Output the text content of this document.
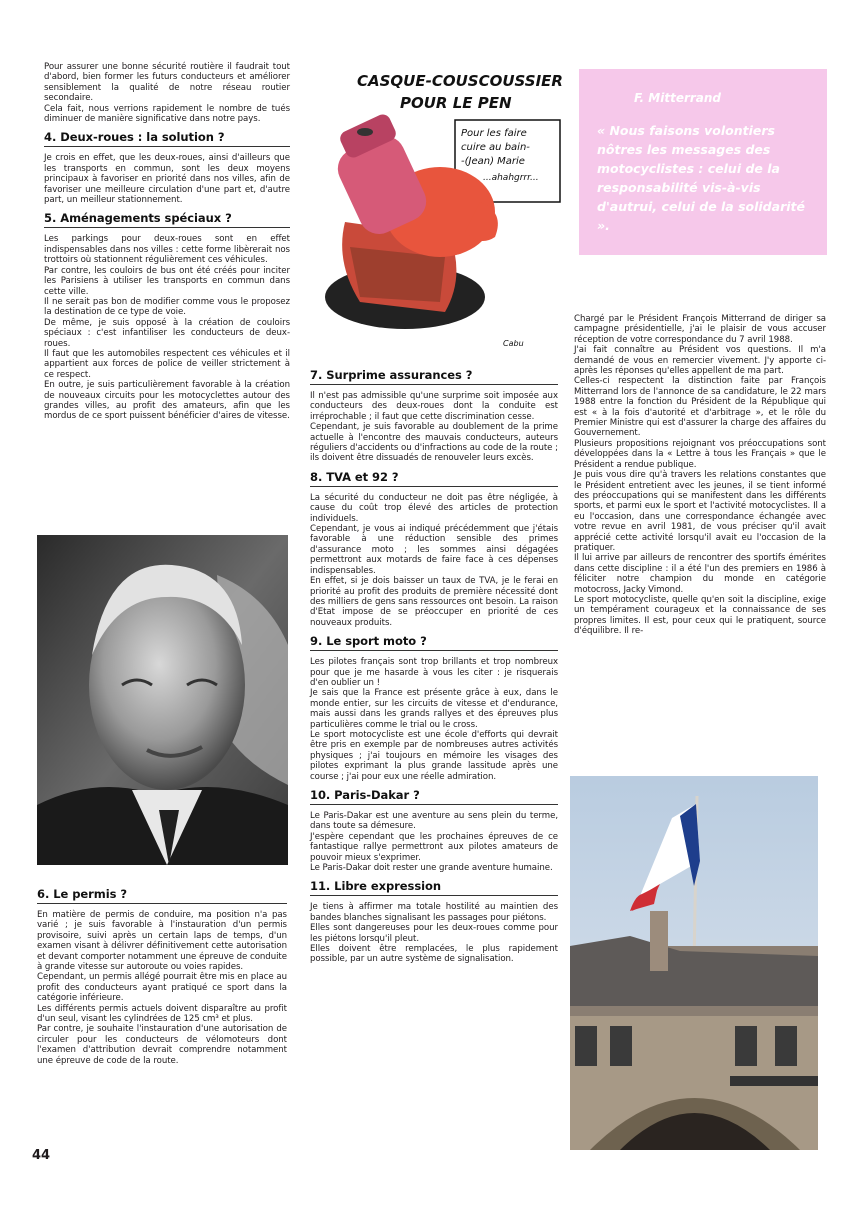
Pour assurer une bonne sécurité routière il faudrait tout d'abord, bien former les futurs conducteurs et améliorer sensiblement la qualité de notre réseau routier secondaire.

Cela fait, nous verrions rapidement le nombre de tués diminuer de manière significative dans notre pays.

4. Deux-roues : la solution ?

Je crois en effet, que les deux-roues, ainsi d'ailleurs que les transports en commun, sont les deux moyens principaux à favoriser en priorité dans nos villes, afin de favoriser une meilleure circulation d'une part et, d'autre part, un meilleur stationnement.

5. Aménagements spéciaux ?

Les parkings pour deux-roues sont en effet indispensables dans nos villes : cette forme libèrerait nos trottoirs où stationnent régulièrement ces véhicules.

Par contre, les couloirs de bus ont été créés pour inciter les Parisiens à utiliser les transports en commun dans cette ville.

Il ne serait pas bon de modifier comme vous le proposez la destination de ce type de voie.

De même, je suis opposé à la création de couloirs spéciaux : c'est infantiliser les conducteurs de deux-roues.

Il faut que les automobiles respectent ces véhicules et il appartient aux forces de police de veiller strictement à ce respect.

En outre, je suis particulièrement favorable à la création de nouveaux circuits pour les motocyclettes autour des grandes villes, au profit des amateurs, afin que les mordus de ce sport puissent bénéficier d'aires de vitesse.

6. Le permis ?

En matière de permis de conduire, ma position n'a pas varié ; je suis favorable à l'instauration d'un permis provisoire, suivi après un certain laps de temps, d'un examen visant à délivrer définitivement cette autorisation et devant comporter notamment une épreuve de conduite à grande vitesse sur autoroute ou voies rapides.

Cependant, un permis allégé pourrait être mis en place au profit des conducteurs ayant pratiqué ce sport dans la catégorie inférieure.

Les différents permis actuels doivent disparaître au profit d'un seul, visant les cylindrées de 125 cm³ et plus.

Par contre, je souhaite l'instauration d'une autorisation de circuler pour les conducteurs de vélomoteurs dont l'examen d'attribution devrait comprendre notamment une épreuve de code de la route.

44
CASQUE-COUSCOUSSIER
POUR LE PEN
Pour les faire
cuire au bain-
-(Jean) Marie
...ahahgrrr...
Cabu
7. Surprime assurances ?

Il n'est pas admissible qu'une surprime soit imposée aux conducteurs des deux-roues dont la conduite est irréprochable ; il faut que cette discrimination cesse.

Cependant, je suis favorable au doublement de la prime actuelle à l'encontre des mauvais conducteurs, auteurs réguliers d'accidents ou d'infractions au code de la route ; ils doivent être dissuadés de renouveler leurs excès.

8. TVA et 92 ?

La sécurité du conducteur ne doit pas être négligée, à cause du coût trop élevé des articles de protection individuels.

Cependant, je vous ai indiqué précédemment que j'étais favorable à une réduction sensible des primes d'assurance moto ; les sommes ainsi dégagées permettront aux motards de faire face à ces dépenses indispensables.

En effet, si je dois baisser un taux de TVA, je le ferai en priorité au profit des produits de première nécessité dont des milliers de gens sans ressources ont besoin. La raison d'Etat impose de se préoccuper en priorité de ces nouveaux produits.

9. Le sport moto ?

Les pilotes français sont trop brillants et trop nombreux pour que je me hasarde à vous les citer : je risquerais d'en oublier un !

Je sais que la France est présente grâce à eux, dans le monde entier, sur les circuits de vitesse et d'endurance, mais aussi dans les grands rallyes et des épreuves plus particulières comme le trial ou le cross.

Le sport motocycliste est une école d'efforts qui devrait être pris en exemple par de nombreuses autres activités physiques ; j'ai toujours en mémoire les visages des pilotes exprimant la plus grande lassitude après une course ; j'ai pour eux une réelle admiration.

10. Paris-Dakar ?

Le Paris-Dakar est une aventure au sens plein du terme, dans toute sa démesure.

J'espère cependant que les prochaines épreuves de ce fantastique rallye permettront aux pilotes amateurs de pouvoir mieux s'exprimer.

Le Paris-Dakar doit rester une grande aventure humaine.

11. Libre expression

Je tiens à affirmer ma totale hostilité au maintien des bandes blanches signalisant les passages pour piétons.

Elles sont dangereuses pour les deux-roues comme pour les piétons lorsqu'il pleut.

Elles doivent être remplacées, le plus rapidement possible, par un autre système de signalisation.

F. Mitterrand
« Nous faisons volontiers nôtres les messages des motocyclistes : celui de la responsabilité vis-à-vis d'autrui, celui de la solidarité ».

Chargé par le Président François Mitterrand de diriger sa campagne présidentielle, j'ai le plaisir de vous accuser réception de votre correspondance du 7 avril 1988.

J'ai fait connaître au Président vos questions. Il m'a demandé de vous en remercier vivement. J'y apporte ci-après les réponses qu'elles appellent de ma part.

Celles-ci respectent la distinction faite par François Mitterrand lors de l'annonce de sa candidature, le 22 mars 1988 entre la fonction du Président de la République qui est « à la fois d'autorité et d'arbitrage », et le rôle du Premier Ministre qui est d'assurer la charge des affaires du Gouvernement.

Plusieurs propositions rejoignant vos préoccupations sont développées dans la « Lettre à tous les Français » que le Président a rendue publique.

Je puis vous dire qu'à travers les relations constantes que le Président entretient avec les jeunes, il se tient informé des préoccupations qui se manifestent dans les différents sports, et parmi eux le sport et l'activité motocyclistes. Il a eu l'occasion, dans une correspondance échangée avec votre revue en avril 1981, de vous préciser qu'il avait apprécié cette activité lorsqu'il avait eu l'occasion de la pratiquer.

Il lui arrive par ailleurs de rencontrer des sportifs émérites dans cette discipline : il a été l'un des premiers en 1986 à féliciter notre champion du monde en catégorie motocross, Jacky Vimond.

Le sport motocycliste, quelle qu'en soit la discipline, exige un tempérament courageux et la connaissance de ses propres limites. Il est, pour ceux qui le pratiquent, source d'équilibre. Il re-
